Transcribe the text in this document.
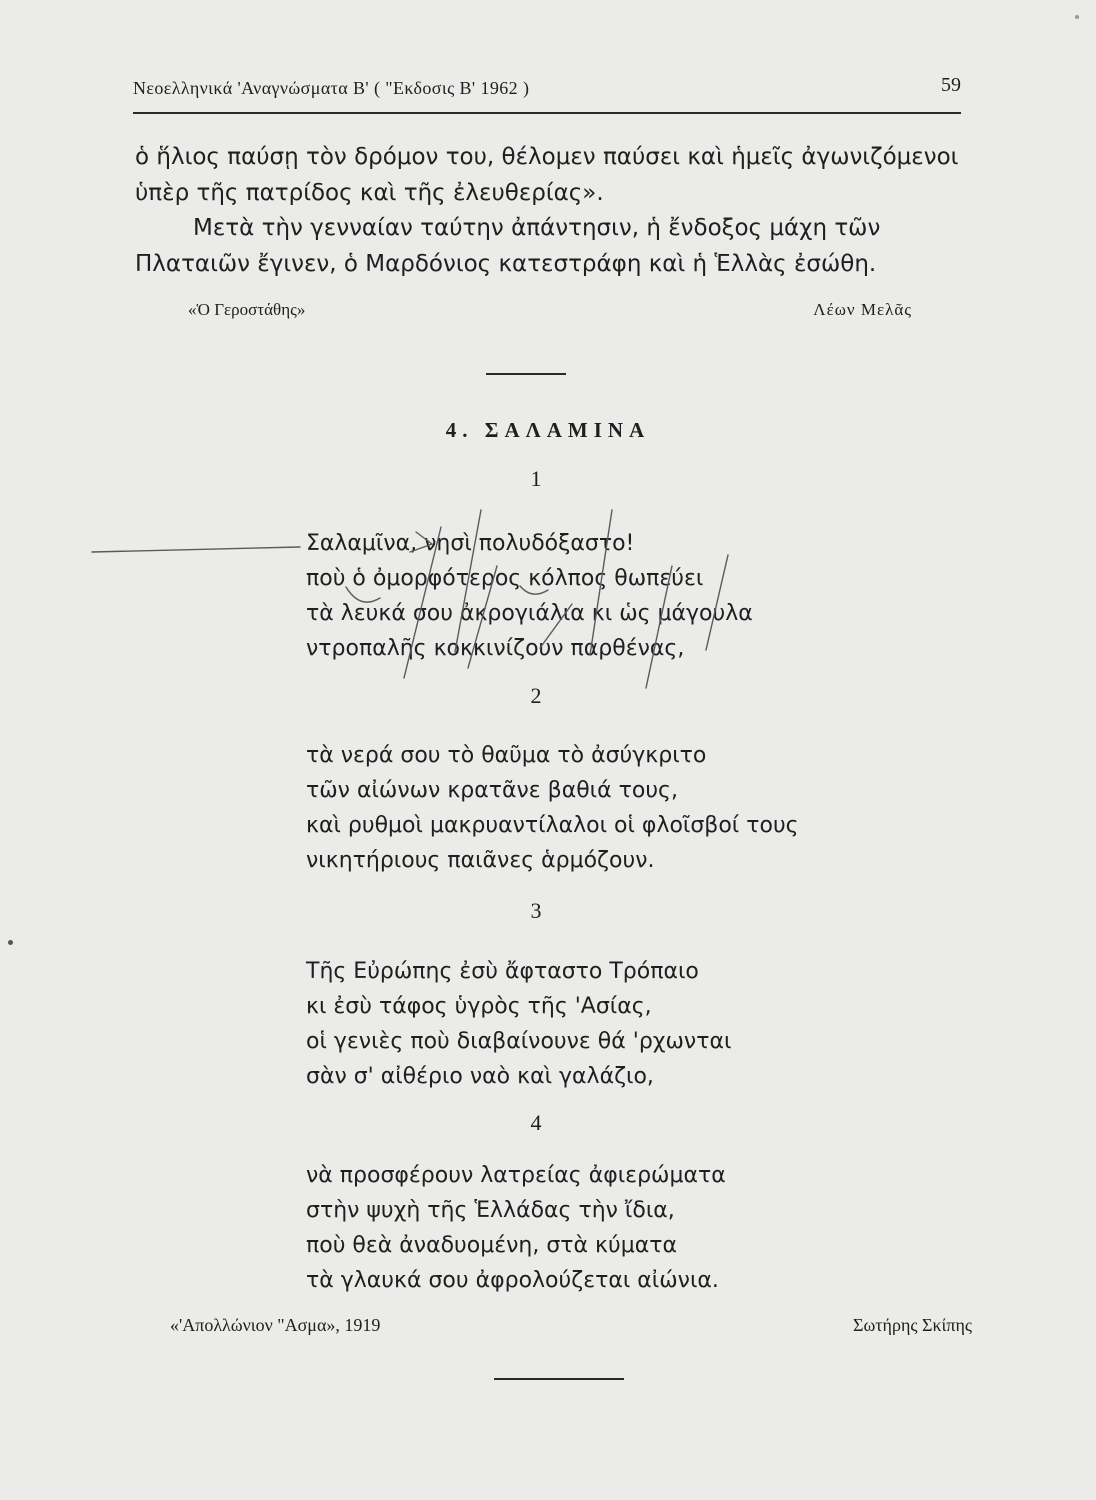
Νεοελληνικά 'Αναγνώσματα Β' ( "Εκδοσις Β' 1962 )	59

ὁ ἥλιος παύσῃ τὸν δρόμον του, θέλομεν παύσει καὶ ἡμεῖς ἀγωνιζόμενοι ὑπὲρ τῆς πατρίδος καὶ τῆς ἐλευθερίας».

Μετὰ τὴν γενναίαν ταύτην ἀπάντησιν, ἡ ἔνδοξος μάχη τῶν Πλαταιῶν ἔγινεν, ὁ Μαρδόνιος κατεστράφη καὶ ἡ Ἑλλὰς ἐσώθη.

«Ὁ Γεροστάθης»	Λέων Μελᾶς
4. ΣΑΛΑΜΙΝΑ
1
Σαλαμῖνα, νησὶ πολυδόξαστο!
ποὺ ὁ ὀμορφότερος κόλπος θωπεύει
τὰ λευκά σου ἀκρογιάλια κι ὡς μάγουλα
ντροπαλῆς κοκκινίζουν παρθένας,
2
τὰ νερά σου τὸ θαῦμα τὸ ἀσύγκριτο
τῶν αἰώνων κρατᾶνε βαθιά τους,
καὶ ρυθμοὶ μακρυαντίλαλοι οἱ φλοῖσβοί τους
νικητήριους παιᾶνες ἁρμόζουν.
3
Τῆς Εὐρώπης ἐσὺ ἄφταστο Τρόπαιο
κι ἐσὺ τάφος ὑγρὸς τῆς 'Ασίας,
οἱ γενιὲς ποὺ διαβαίνουνε θά 'ρχωνται
σὰν σ' αἰθέριο ναὸ καὶ γαλάζιο,
4
νὰ προσφέρουν λατρείας ἀφιερώματα
στὴν ψυχὴ τῆς Ἑλλάδας τὴν ἴδια,
ποὺ θεὰ ἀναδυομένη, στὰ κύματα
τὰ γλαυκά σου ἀφρολούζεται αἰώνια.
«'Απολλώνιον "Ασμα», 1919	Σωτήρης Σκίπης
